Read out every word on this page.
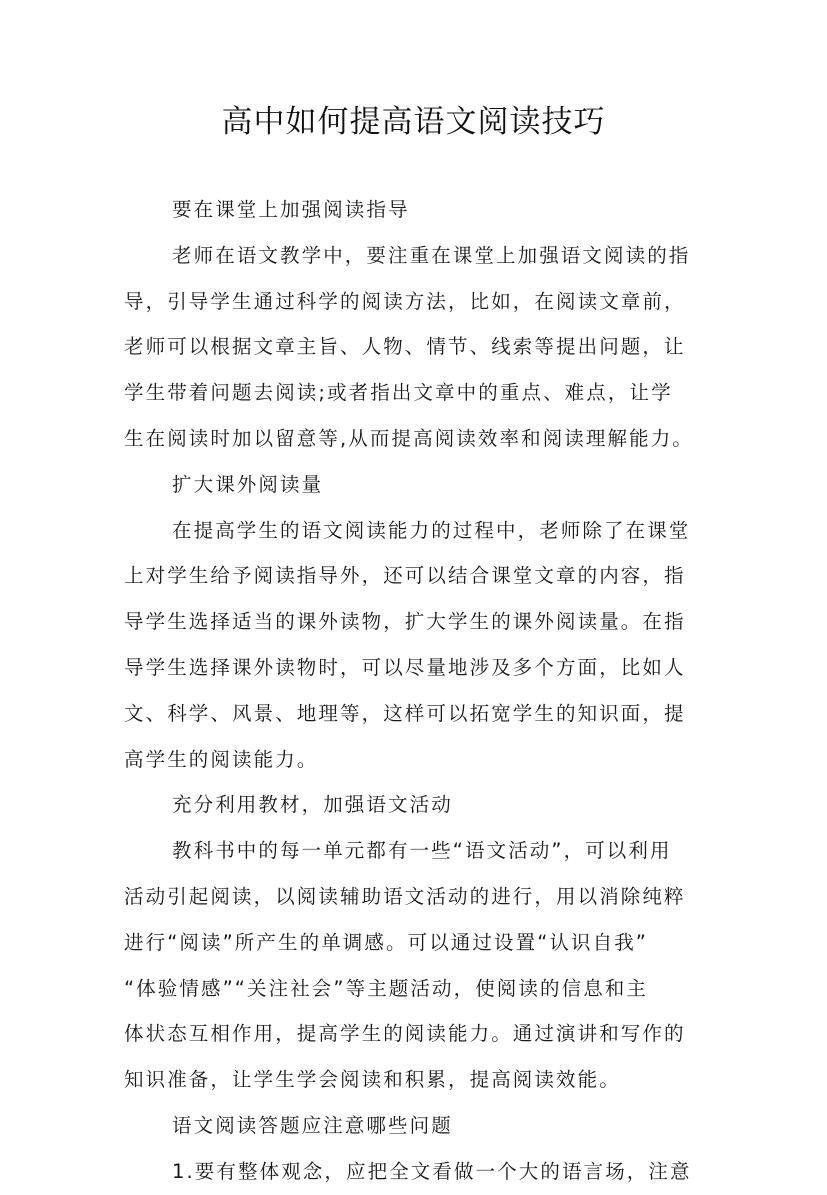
高中如何提高语文阅读技巧
要在课堂上加强阅读指导
老师在语文教学中，要注重在课堂上加强语文阅读的指
导，引导学生通过科学的阅读方法，比如，在阅读文章前，
老师可以根据文章主旨、人物、情节、线索等提出问题，让
学生带着问题去阅读;或者指出文章中的重点、难点，让学
生在阅读时加以留意等,从而提高阅读效率和阅读理解能力。
扩大课外阅读量
在提高学生的语文阅读能力的过程中，老师除了在课堂
上对学生给予阅读指导外，还可以结合课堂文章的内容，指
导学生选择适当的课外读物，扩大学生的课外阅读量。在指
导学生选择课外读物时，可以尽量地涉及多个方面，比如人
文、科学、风景、地理等，这样可以拓宽学生的知识面，提
高学生的阅读能力。
充分利用教材，加强语文活动
教科书中的每一单元都有一些“语文活动”，可以利用
活动引起阅读，以阅读辅助语文活动的进行，用以消除纯粹
进行“阅读”所产生的单调感。可以通过设置“认识自我”
“体验情感”“关注社会”等主题活动，使阅读的信息和主
体状态互相作用，提高学生的阅读能力。通过演讲和写作的
知识准备，让学生学会阅读和积累，提高阅读效能。
语文阅读答题应注意哪些问题
1.要有整体观念，应把全文看做一个大的语言场，注意
